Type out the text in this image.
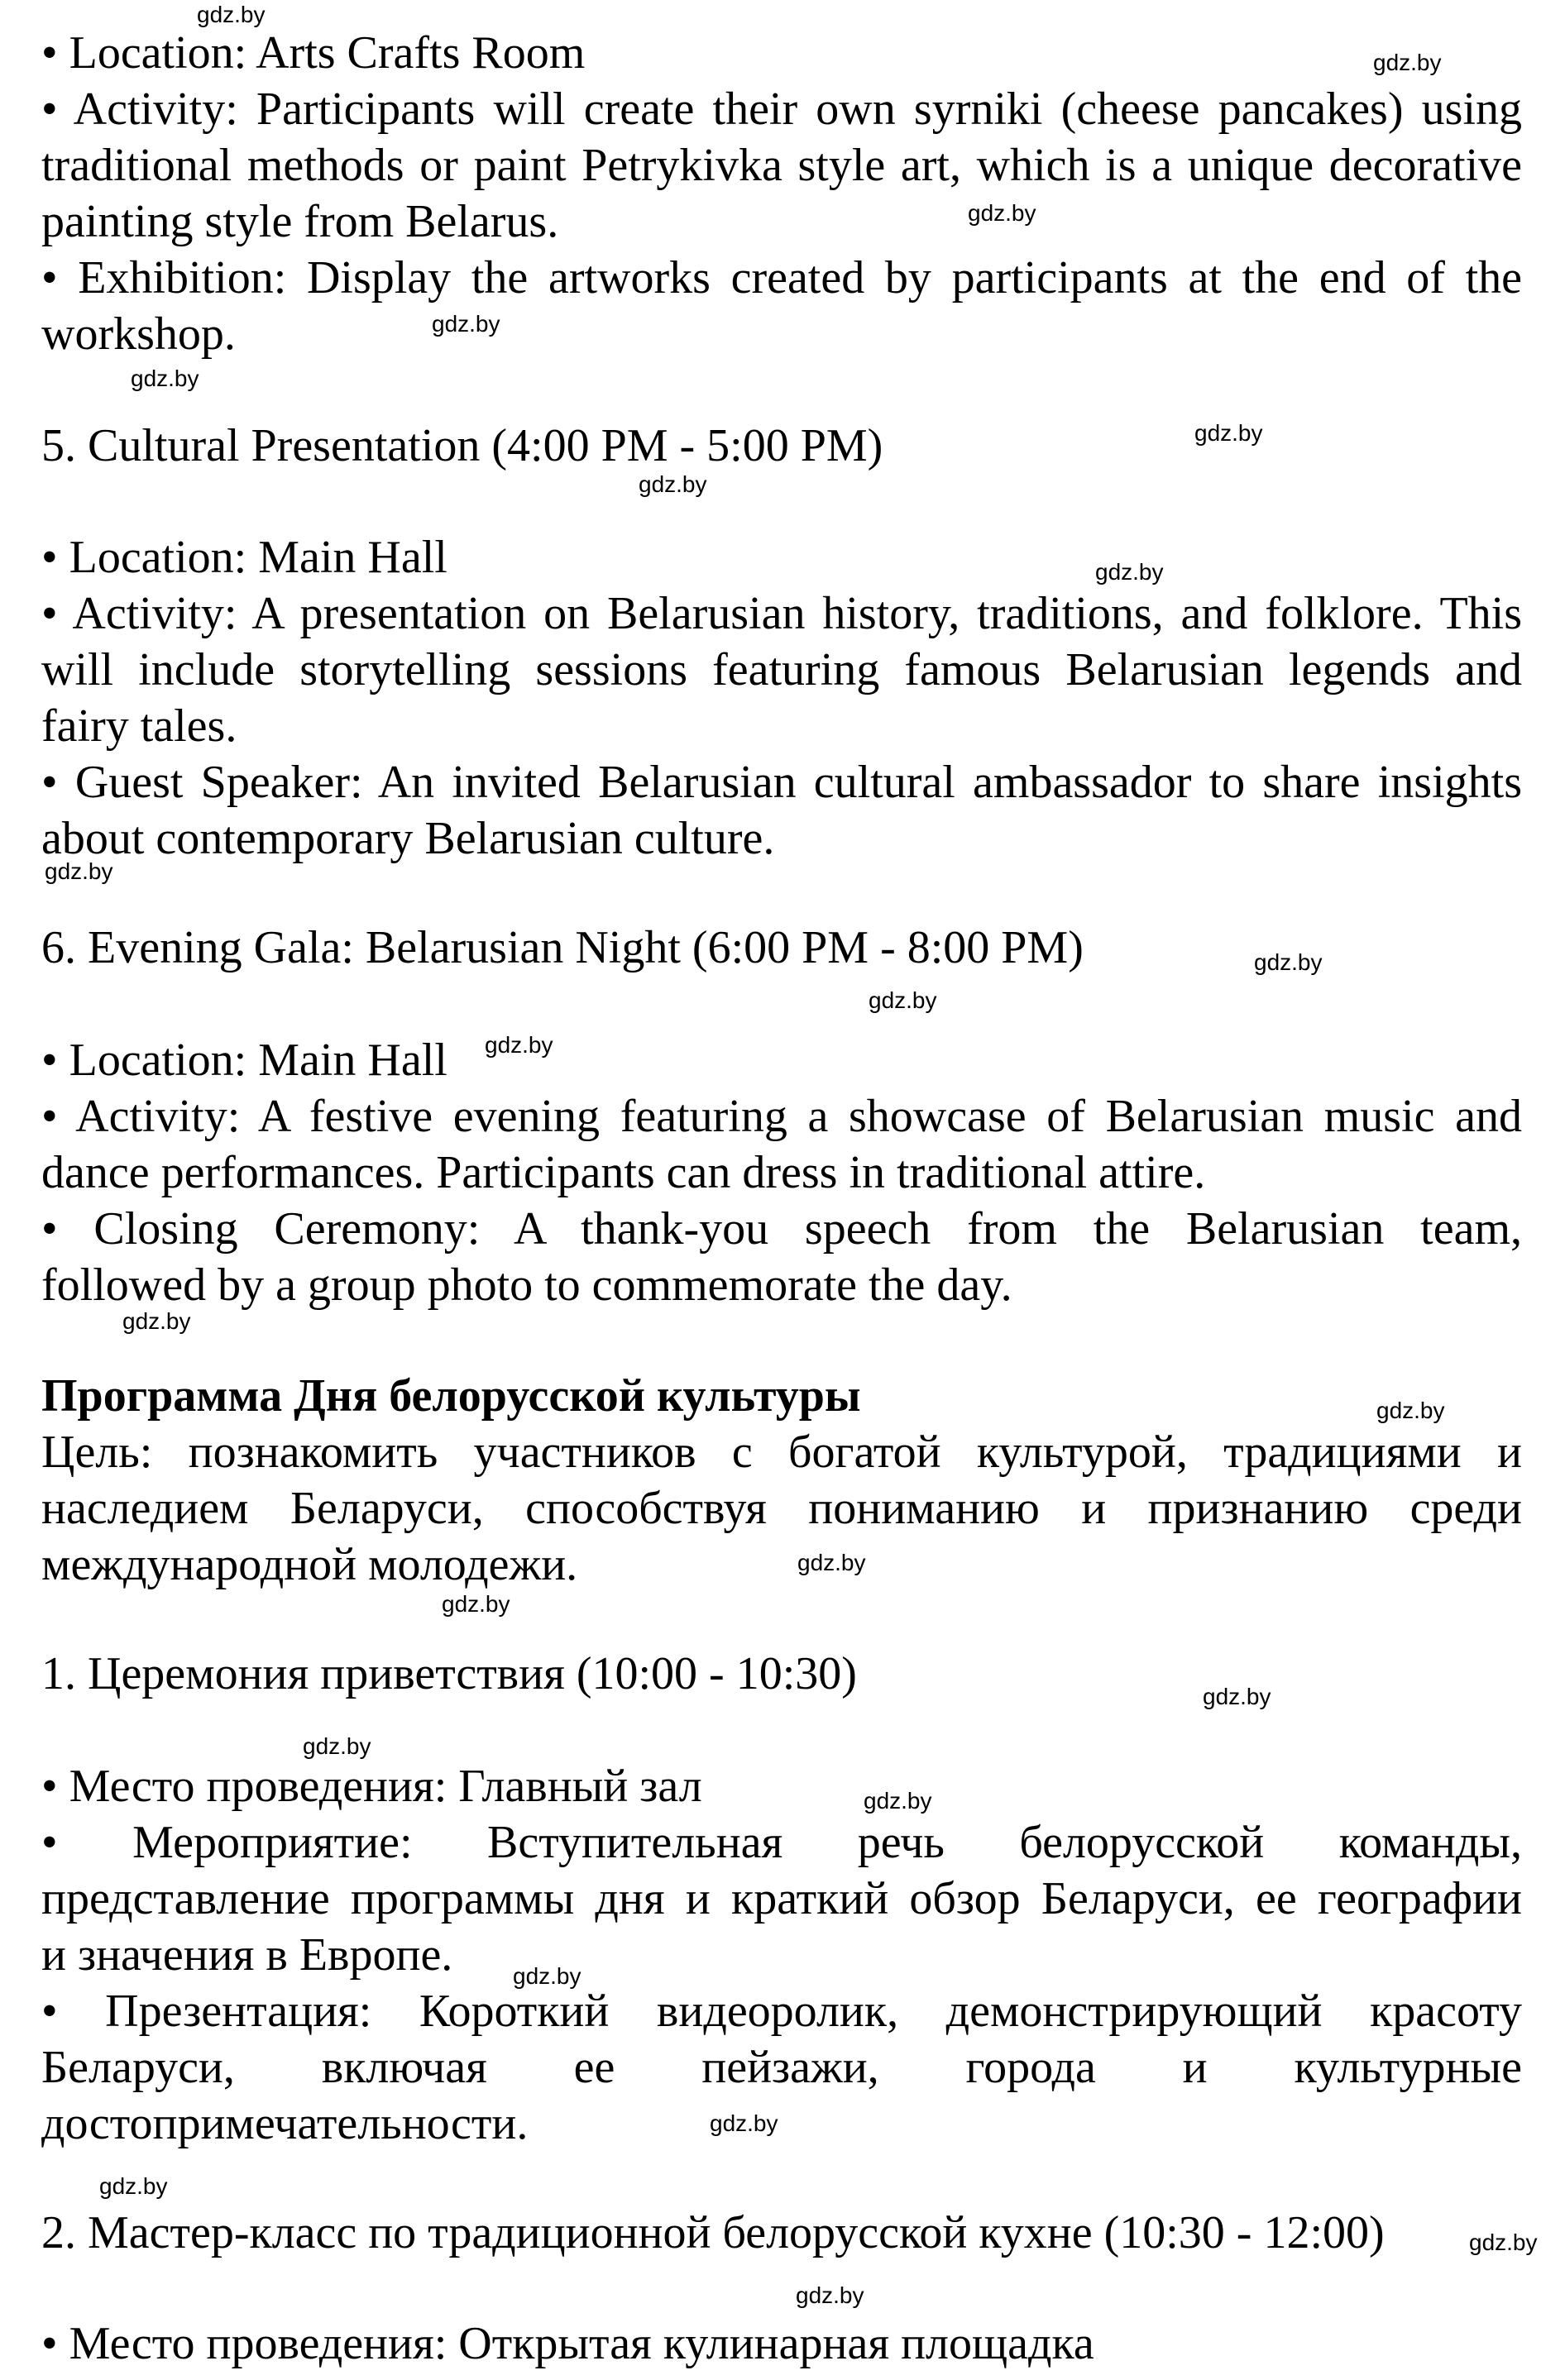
• Location: Arts Crafts Room
• Activity: Participants will create their own syrniki (cheese pancakes) using
traditional methods or paint Petrykivka style art, which is a unique decorative
painting style from Belarus.
• Exhibition: Display the artworks created by participants at the end of the
workshop.
5. Cultural Presentation (4:00 PM - 5:00 PM)
• Location: Main Hall
• Activity: A presentation on Belarusian history, traditions, and folklore. This
will include storytelling sessions featuring famous Belarusian legends and
fairy tales.
• Guest Speaker: An invited Belarusian cultural ambassador to share insights
about contemporary Belarusian culture.
6. Evening Gala: Belarusian Night (6:00 PM - 8:00 PM)
• Location: Main Hall
• Activity: A festive evening featuring a showcase of Belarusian music and
dance performances. Participants can dress in traditional attire.
• Closing Ceremony: A thank-you speech from the Belarusian team,
followed by a group photo to commemorate the day.
Программа Дня белорусской культуры
Цель: познакомить участников с богатой культурой, традициями и
наследием Беларуси, способствуя пониманию и признанию среди
международной молодежи.
1. Церемония приветствия (10:00 - 10:30)
• Место проведения: Главный зал
• Мероприятие: Вступительная речь белорусской команды,
представление программы дня и краткий обзор Беларуси, ее географии
и значения в Европе.
• Презентация: Короткий видеоролик, демонстрирующий красоту
Беларуси, включая ее пейзажи, города и культурные
достопримечательности.
2. Мастер-класс по традиционной белорусской кухне (10:30 - 12:00)
• Место проведения: Открытая кулинарная площадка
gdz.by
gdz.by
gdz.by
gdz.by
gdz.by
gdz.by
gdz.by
gdz.by
gdz.by
gdz.by
gdz.by
gdz.by
gdz.by
gdz.by
gdz.by
gdz.by
gdz.by
gdz.by
gdz.by
gdz.by
gdz.by
gdz.by
gdz.by
gdz.by
